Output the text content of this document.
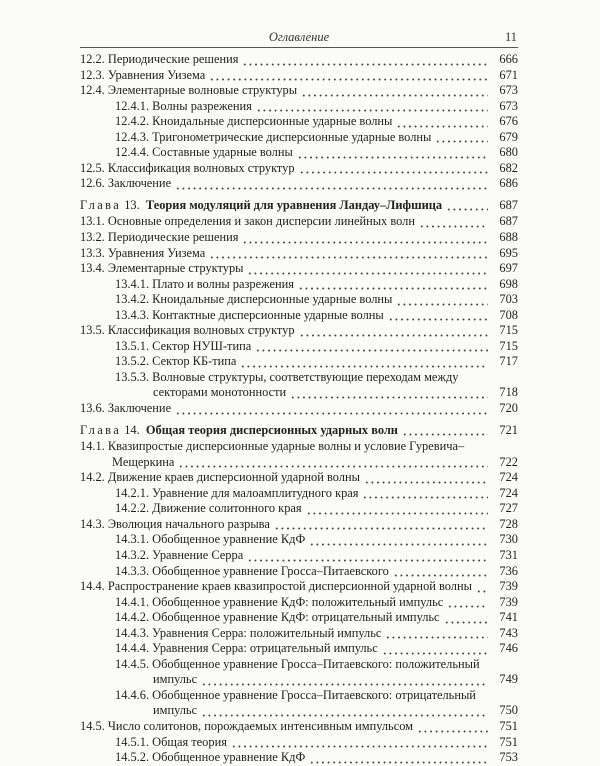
Оглавление	11
12.2. Периодические решения	666
12.3. Уравнения Уизема	671
12.4. Элементарные волновые структуры	673
12.4.1. Волны разрежения	673
12.4.2. Кноидальные дисперсионные ударные волны	676
12.4.3. Тригонометрические дисперсионные ударные волны	679
12.4.4. Составные ударные волны	680
12.5. Классификация волновых структур	682
12.6. Заключение	686
Глава 13. Теория модуляций для уравнения Ландау–Лифшица	687
13.1. Основные определения и закон дисперсии линейных волн	687
13.2. Периодические решения	688
13.3. Уравнения Уизема	695
13.4. Элементарные структуры	697
13.4.1. Плато и волны разрежения	698
13.4.2. Кноидальные дисперсионные ударные волны	703
13.4.3. Контактные дисперсионные ударные волны	708
13.5. Классификация волновых структур	715
13.5.1. Сектор НУШ-типа	715
13.5.2. Сектор КБ-типа	717
13.5.3. Волновые структуры, соответствующие переходам между
секторами монотонности	718
13.6. Заключение	720
Глава 14. Общая теория дисперсионных ударных волн	721
14.1. Квазипростые дисперсионные ударные волны и условие Гуревича–
Мещеркина	722
14.2. Движение краев дисперсионной ударной волны	724
14.2.1. Уравнение для малоамплитудного края	724
14.2.2. Движение солитонного края	727
14.3. Эволюция начального разрыва	728
14.3.1. Обобщенное уравнение КдФ	730
14.3.2. Уравнение Серра	731
14.3.3. Обобщенное уравнение Гросса–Питаевского	736
14.4. Распространение краев квазипростой дисперсионной ударной волны	739
14.4.1. Обобщенное уравнение КдФ: положительный импульс	739
14.4.2. Обобщенное уравнение КдФ: отрицательный импульс	741
14.4.3. Уравнения Серра: положительный импульс	743
14.4.4. Уравнения Серра: отрицательный импульс	746
14.4.5. Обобщенное уравнение Гросса–Питаевского: положительный
импульс	749
14.4.6. Обобщенное уравнение Гросса–Питаевского: отрицательный
импульс	750
14.5. Число солитонов, порождаемых интенсивным импульсом	751
14.5.1. Общая теория	751
14.5.2. Обобщенное уравнение КдФ	753
